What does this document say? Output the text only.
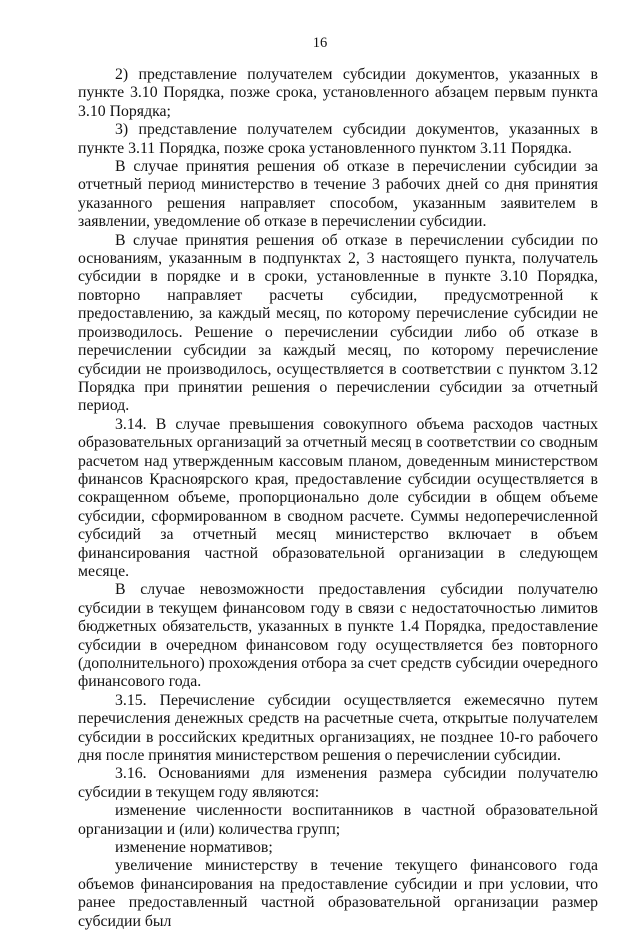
16

2) представление получателем субсидии документов, указанных в пункте 3.10 Порядка, позже срока, установленного абзацем первым пункта 3.10 Порядка;

3) представление получателем субсидии документов, указанных в пункте 3.11 Порядка, позже срока установленного пунктом 3.11 Порядка.

В случае принятия решения об отказе в перечислении субсидии за отчетный период министерство в течение 3 рабочих дней со дня принятия указанного решения направляет способом, указанным заявителем в заявлении, уведомление об отказе в перечислении субсидии.

В случае принятия решения об отказе в перечислении субсидии по основаниям, указанным в подпунктах 2, 3 настоящего пункта, получатель субсидии в порядке и в сроки, установленные в пункте 3.10 Порядка, повторно направляет расчеты субсидии, предусмотренной к предоставлению, за каждый месяц, по которому перечисление субсидии не производилось. Решение о перечислении субсидии либо об отказе в перечислении субсидии за каждый месяц, по которому перечисление субсидии не производилось, осуществляется в соответствии с пунктом 3.12 Порядка при принятии решения о перечислении субсидии за отчетный период.

3.14. В случае превышения совокупного объема расходов частных образовательных организаций за отчетный месяц в соответствии со сводным расчетом над утвержденным кассовым планом, доведенным министерством финансов Красноярского края, предоставление субсидии осуществляется в сокращенном объеме, пропорционально доле субсидии в общем объеме субсидии, сформированном в сводном расчете. Суммы недоперечисленной субсидий за отчетный месяц министерство включает в объем финансирования частной образовательной организации в следующем месяце.

В случае невозможности предоставления субсидии получателю субсидии в текущем финансовом году в связи с недостаточностью лимитов бюджетных обязательств, указанных в пункте 1.4 Порядка, предоставление субсидии в очередном финансовом году осуществляется без повторного (дополнительного) прохождения отбора за счет средств субсидии очередного финансового года.

3.15. Перечисление субсидии осуществляется ежемесячно путем перечисления денежных средств на расчетные счета, открытые получателем субсидии в российских кредитных организациях, не позднее 10-го рабочего дня после принятия министерством решения о перечислении субсидии.

3.16. Основаниями для изменения размера субсидии получателю субсидии в текущем году являются:

изменение численности воспитанников в частной образовательной организации и (или) количества групп;

изменение нормативов;

увеличение министерству в течение текущего финансового года объемов финансирования на предоставление субсидии и при условии, что ранее предоставленный частной образовательной организации размер субсидии был
